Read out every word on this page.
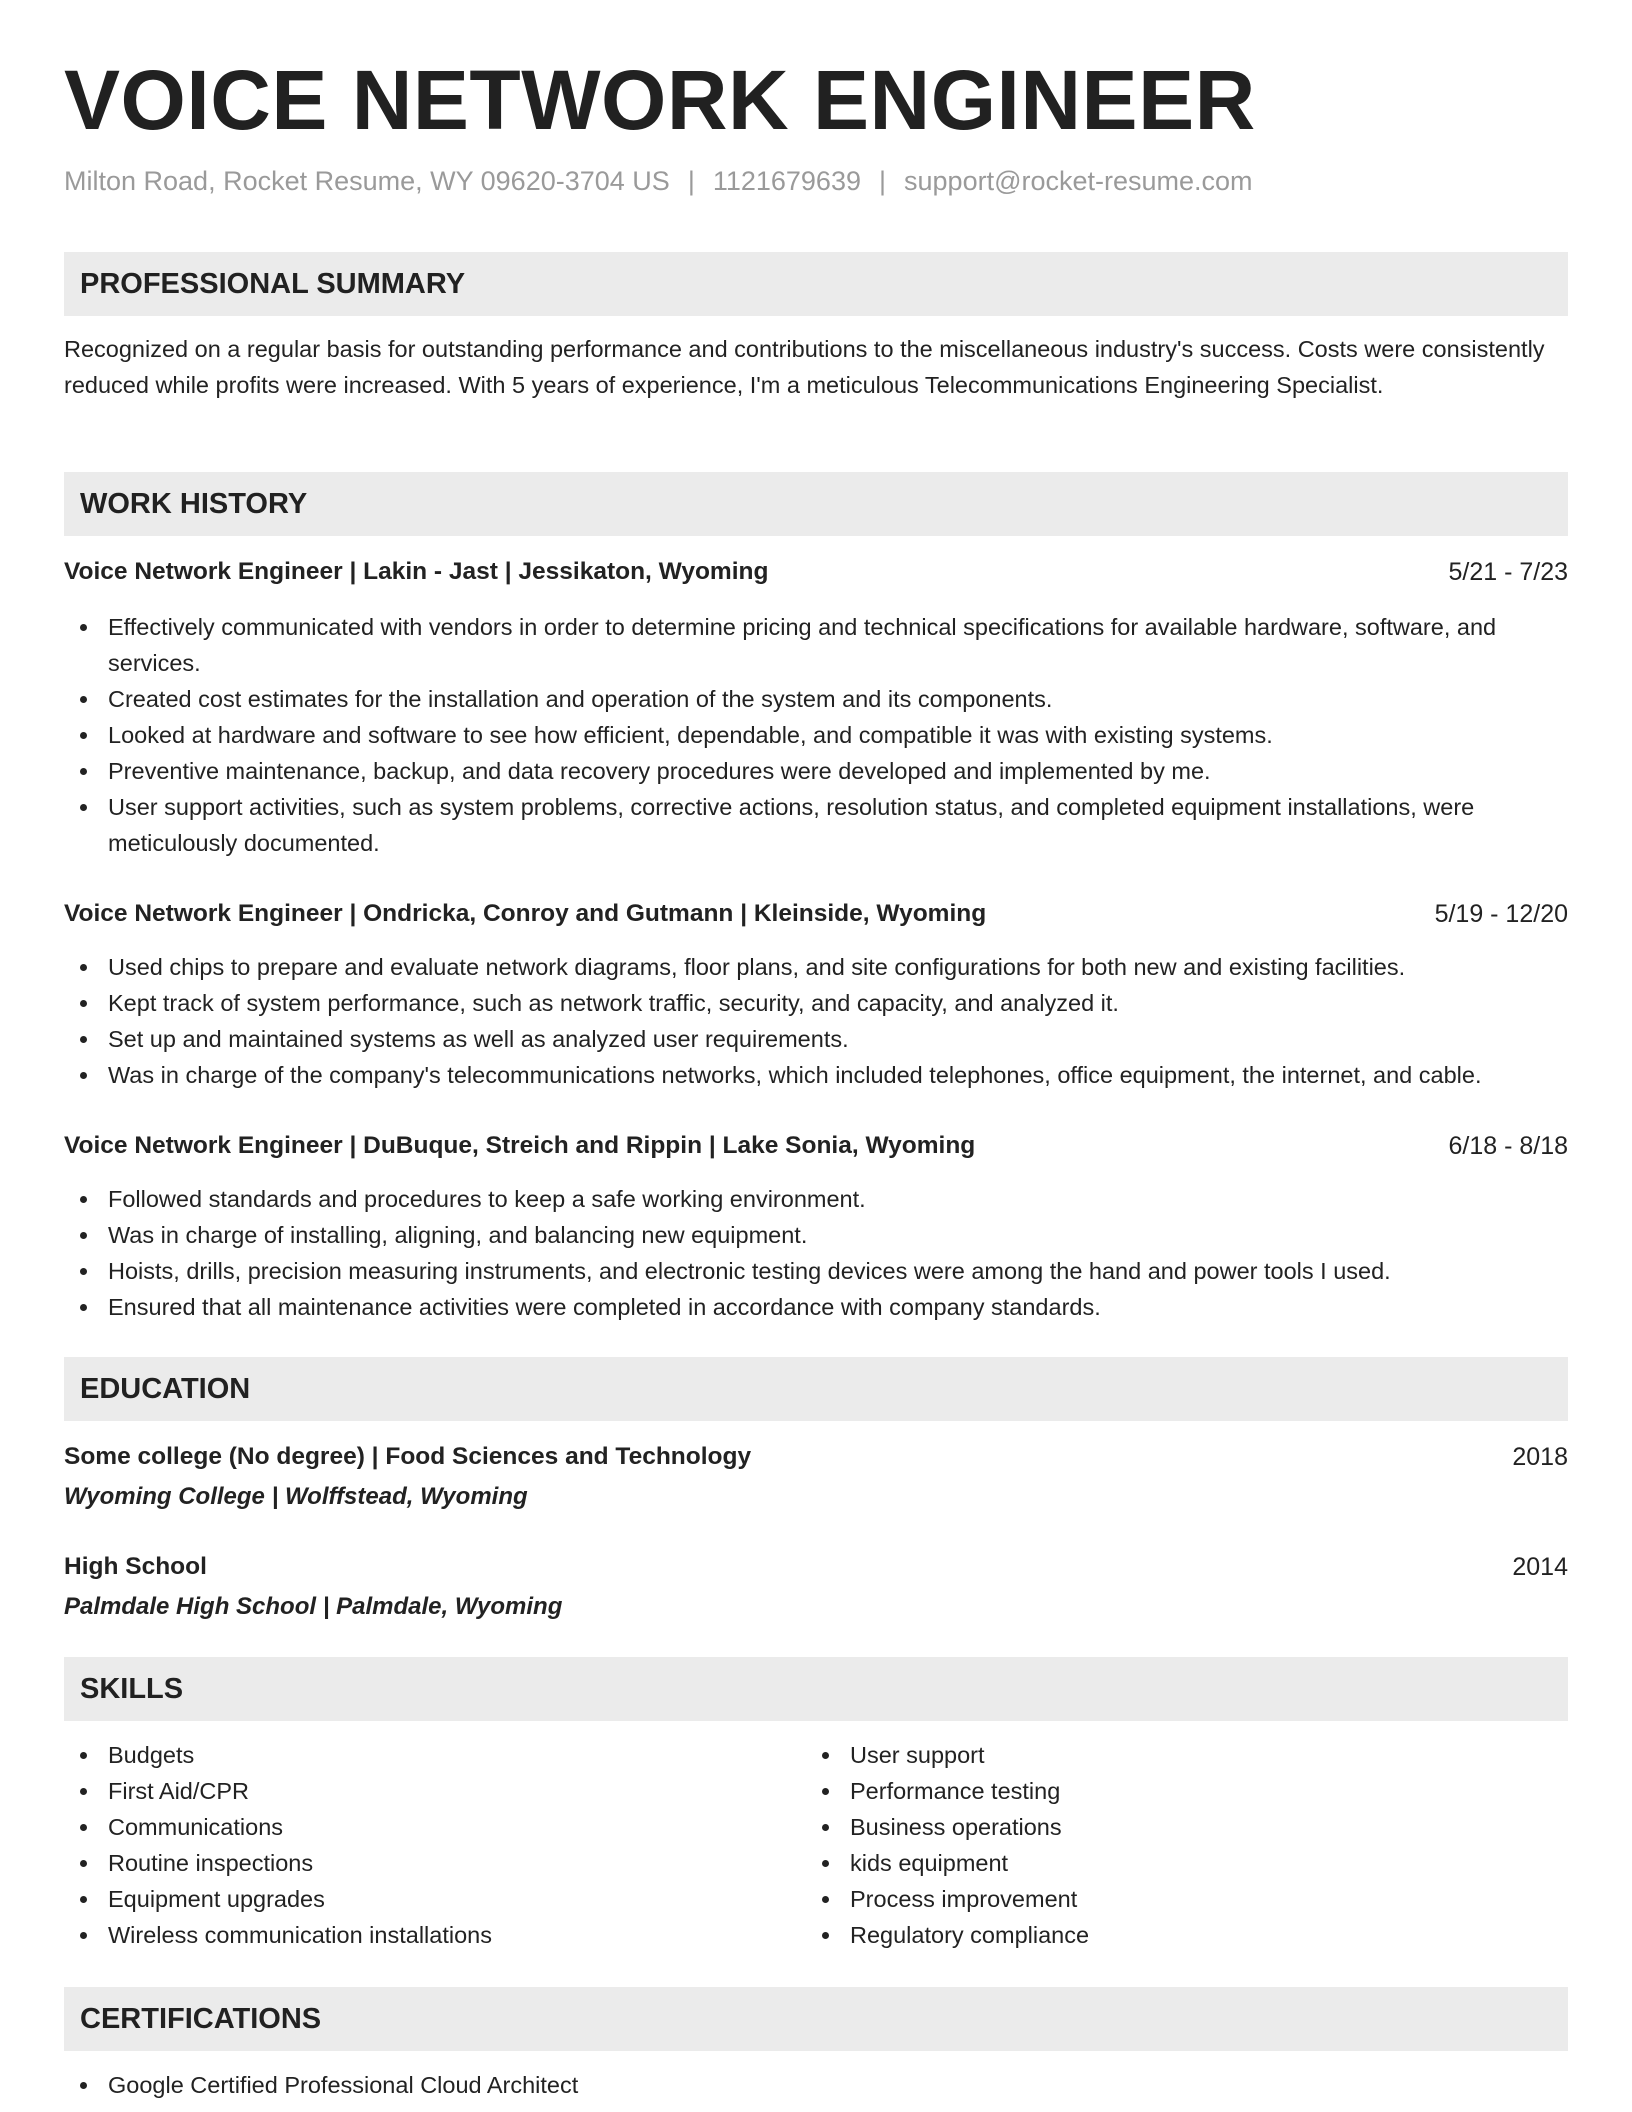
VOICE NETWORK ENGINEER
Milton Road, Rocket Resume, WY 09620-3704 US | 1121679639 | support@rocket-resume.com
PROFESSIONAL SUMMARY
Recognized on a regular basis for outstanding performance and contributions to the miscellaneous industry's success. Costs were consistently reduced while profits were increased. With 5 years of experience, I'm a meticulous Telecommunications Engineering Specialist.
WORK HISTORY
Voice Network Engineer | Lakin - Jast | Jessikaton, Wyoming	5/21 - 7/23
Effectively communicated with vendors in order to determine pricing and technical specifications for available hardware, software, and services.
Created cost estimates for the installation and operation of the system and its components.
Looked at hardware and software to see how efficient, dependable, and compatible it was with existing systems.
Preventive maintenance, backup, and data recovery procedures were developed and implemented by me.
User support activities, such as system problems, corrective actions, resolution status, and completed equipment installations, were meticulously documented.
Voice Network Engineer | Ondricka, Conroy and Gutmann | Kleinside, Wyoming	5/19 - 12/20
Used chips to prepare and evaluate network diagrams, floor plans, and site configurations for both new and existing facilities.
Kept track of system performance, such as network traffic, security, and capacity, and analyzed it.
Set up and maintained systems as well as analyzed user requirements.
Was in charge of the company's telecommunications networks, which included telephones, office equipment, the internet, and cable.
Voice Network Engineer | DuBuque, Streich and Rippin | Lake Sonia, Wyoming	6/18 - 8/18
Followed standards and procedures to keep a safe working environment.
Was in charge of installing, aligning, and balancing new equipment.
Hoists, drills, precision measuring instruments, and electronic testing devices were among the hand and power tools I used.
Ensured that all maintenance activities were completed in accordance with company standards.
EDUCATION
Some college (No degree) | Food Sciences and Technology	2018
Wyoming College | Wolffstead, Wyoming
High School	2014
Palmdale High School | Palmdale, Wyoming
SKILLS
Budgets
First Aid/CPR
Communications
Routine inspections
Equipment upgrades
Wireless communication installations
User support
Performance testing
Business operations
kids equipment
Process improvement
Regulatory compliance
CERTIFICATIONS
Google Certified Professional Cloud Architect
